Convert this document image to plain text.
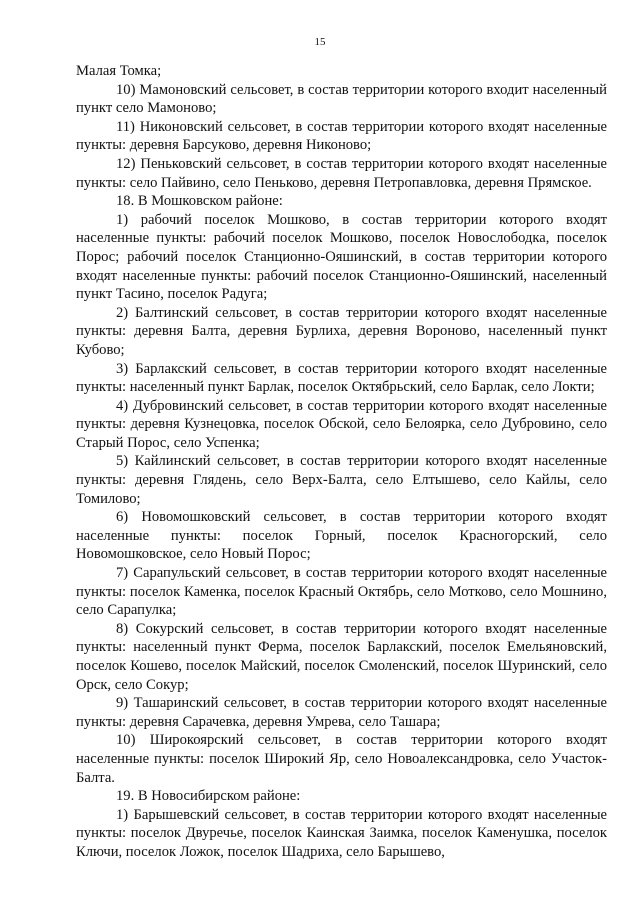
15

Малая Томка;

10) Мамоновский сельсовет, в состав территории которого входит населенный пункт село Мамоново;

11) Никоновский сельсовет, в состав территории которого входят населенные пункты: деревня Барсуково, деревня Никоново;

12) Пеньковский сельсовет, в состав территории которого входят населенные пункты: село Пайвино, село Пеньково, деревня Петропавловка, деревня Прямское.

18. В Мошковском районе:

1) рабочий поселок Мошково, в состав территории которого входят населенные пункты: рабочий поселок Мошково, поселок Новослободка, поселок Порос; рабочий поселок Станционно-Ояшинский, в состав территории которого входят населенные пункты: рабочий поселок Станционно-Ояшинский, населенный пункт Тасино, поселок Радуга;

2) Балтинский сельсовет, в состав территории которого входят населенные пункты: деревня Балта, деревня Бурлиха, деревня Вороново, населенный пункт Кубово;

3) Барлакский сельсовет, в состав территории которого входят населенные пункты: населенный пункт Барлак, поселок Октябрьский, село Барлак, село Локти;

4) Дубровинский сельсовет, в состав территории которого входят населенные пункты: деревня Кузнецовка, поселок Обской, село Белоярка, село Дубровино, село Старый Порос, село Успенка;

5) Кайлинский сельсовет, в состав территории которого входят населенные пункты: деревня Глядень, село Верх-Балта, село Елтышево, село Кайлы, село Томилово;

6) Новомошковский сельсовет, в состав территории которого входят населенные пункты: поселок Горный, поселок Красногорский, село Новомошковское, село Новый Порос;

7) Сарапульский сельсовет, в состав территории которого входят населенные пункты: поселок Каменка, поселок Красный Октябрь, село Мотково, село Мошнино, село Сарапулка;

8) Сокурский сельсовет, в состав территории которого входят населенные пункты: населенный пункт Ферма, поселок Барлакский, поселок Емельяновский, поселок Кошево, поселок Майский, поселок Смоленский, поселок Шуринский, село Орск, село Сокур;

9) Ташаринский сельсовет, в состав территории которого входят населенные пункты: деревня Сарачевка, деревня Умрева, село Ташара;

10) Широкоярский сельсовет, в состав территории которого входят населенные пункты: поселок Широкий Яр, село Новоалександровка, село Участок-Балта.

19. В Новосибирском районе:

1) Барышевский сельсовет, в состав территории которого входят населенные пункты: поселок Двуречье, поселок Каинская Заимка, поселок Каменушка, поселок Ключи, поселок Ложок, поселок Шадриха, село Барышево,
